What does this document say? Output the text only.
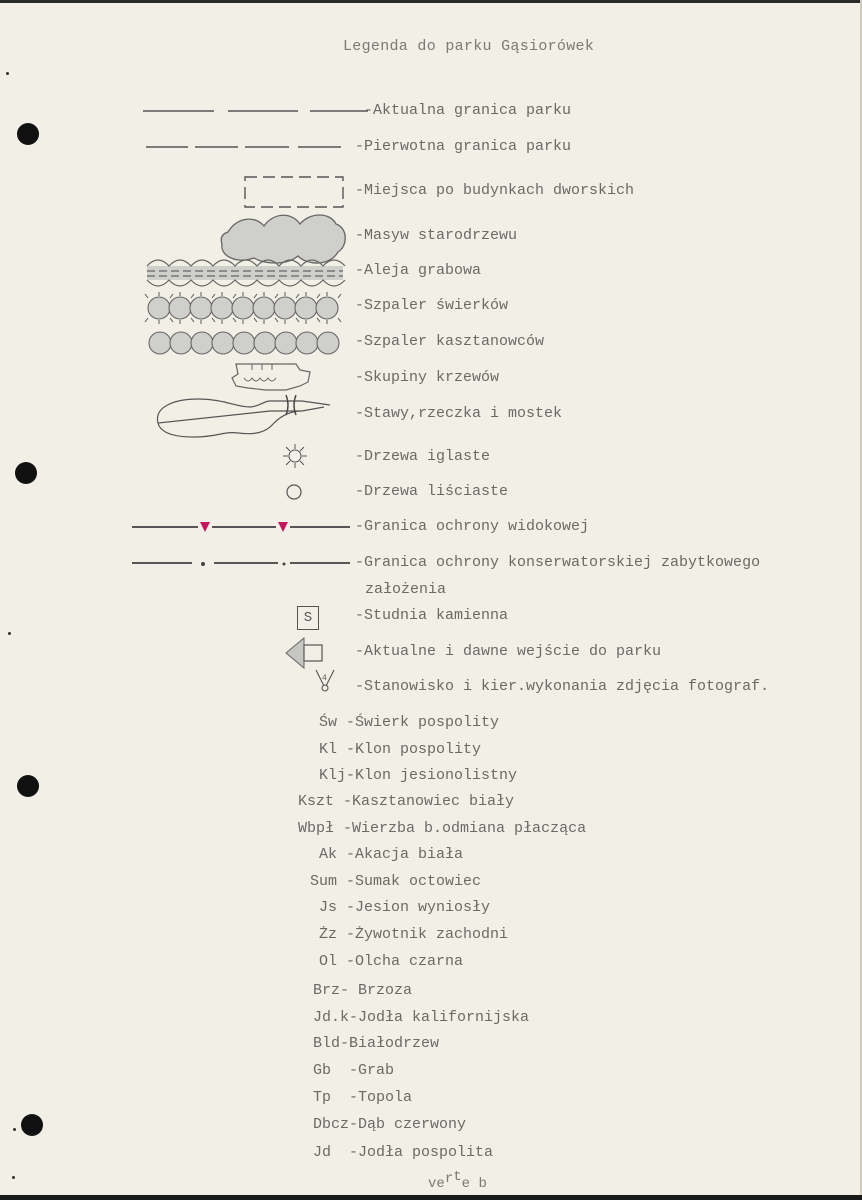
Legenda do parku Gąsiorówek
S
4
-Aktualna granica parku
-Pierwotna granica parku
-Miejsca po budynkach dworskich
-Masyw starodrzewu
-Aleja grabowa
-Szpaler świerków
-Szpaler kasztanowców
-Skupiny krzewów
-Stawy,rzeczka i mostek
-Drzewa iglaste
-Drzewa liściaste
-Granica ochrony widokowej
-Granica ochrony konserwatorskiej zabytkowego
założenia
-Studnia kamienna
-Aktualne i dawne wejście do parku
-Stanowisko i kier.wykonania zdjęcia fotograf.
Św -Świerk pospolity
Kl -Klon pospolity
Klj-Klon jesionolistny
Kszt -Kasztanowiec biały
Wbpł -Wierzba b.odmiana płacząca
Ak -Akacja biała
Sum -Sumak octowiec
Js -Jesion wyniosły
Żz -Żywotnik zachodni
Ol -Olcha czarna
Brz- Brzoza
Jd.k-Jodła kalifornijska
Bld-Białodrzew
Gb -Grab
Tp -Topola
Dbcz-Dąb czerwony
Jd -Jodła pospolita
verte b
